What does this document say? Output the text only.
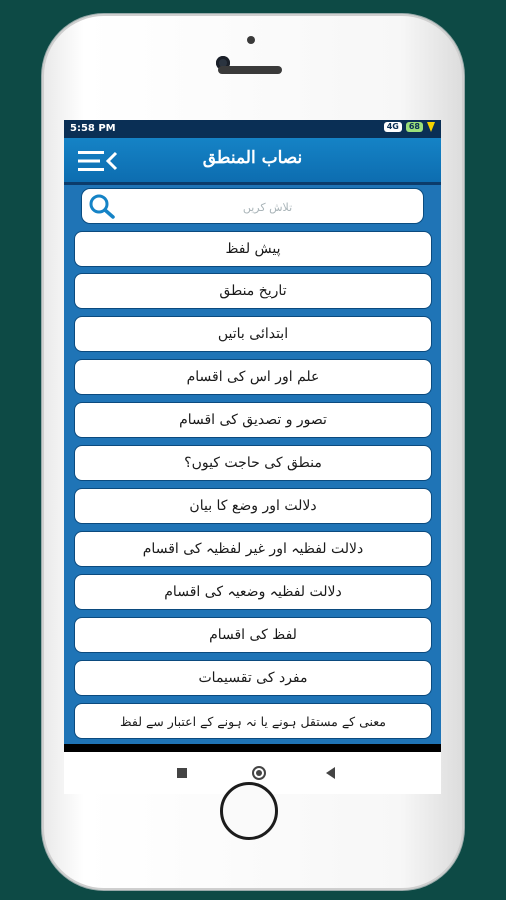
5:58 PM	4G	68
نصاب المنطق
تلاش کریں
پیش لفظ
تاریخ منطق
ابتدائی باتیں
علم اور اس کی اقسام
تصور و تصدیق کی اقسام
منطق کی حاجت کیوں؟
دلالت اور وضع کا بیان
دلالت لفظیہ اور غیر لفظیہ کی اقسام
دلالت لفظیہ وضعیہ کی اقسام
لفظ کی اقسام
مفرد کی تقسیمات
معنی کے مستقل ہونے یا نہ ہونے کے اعتبار سے لفظ
